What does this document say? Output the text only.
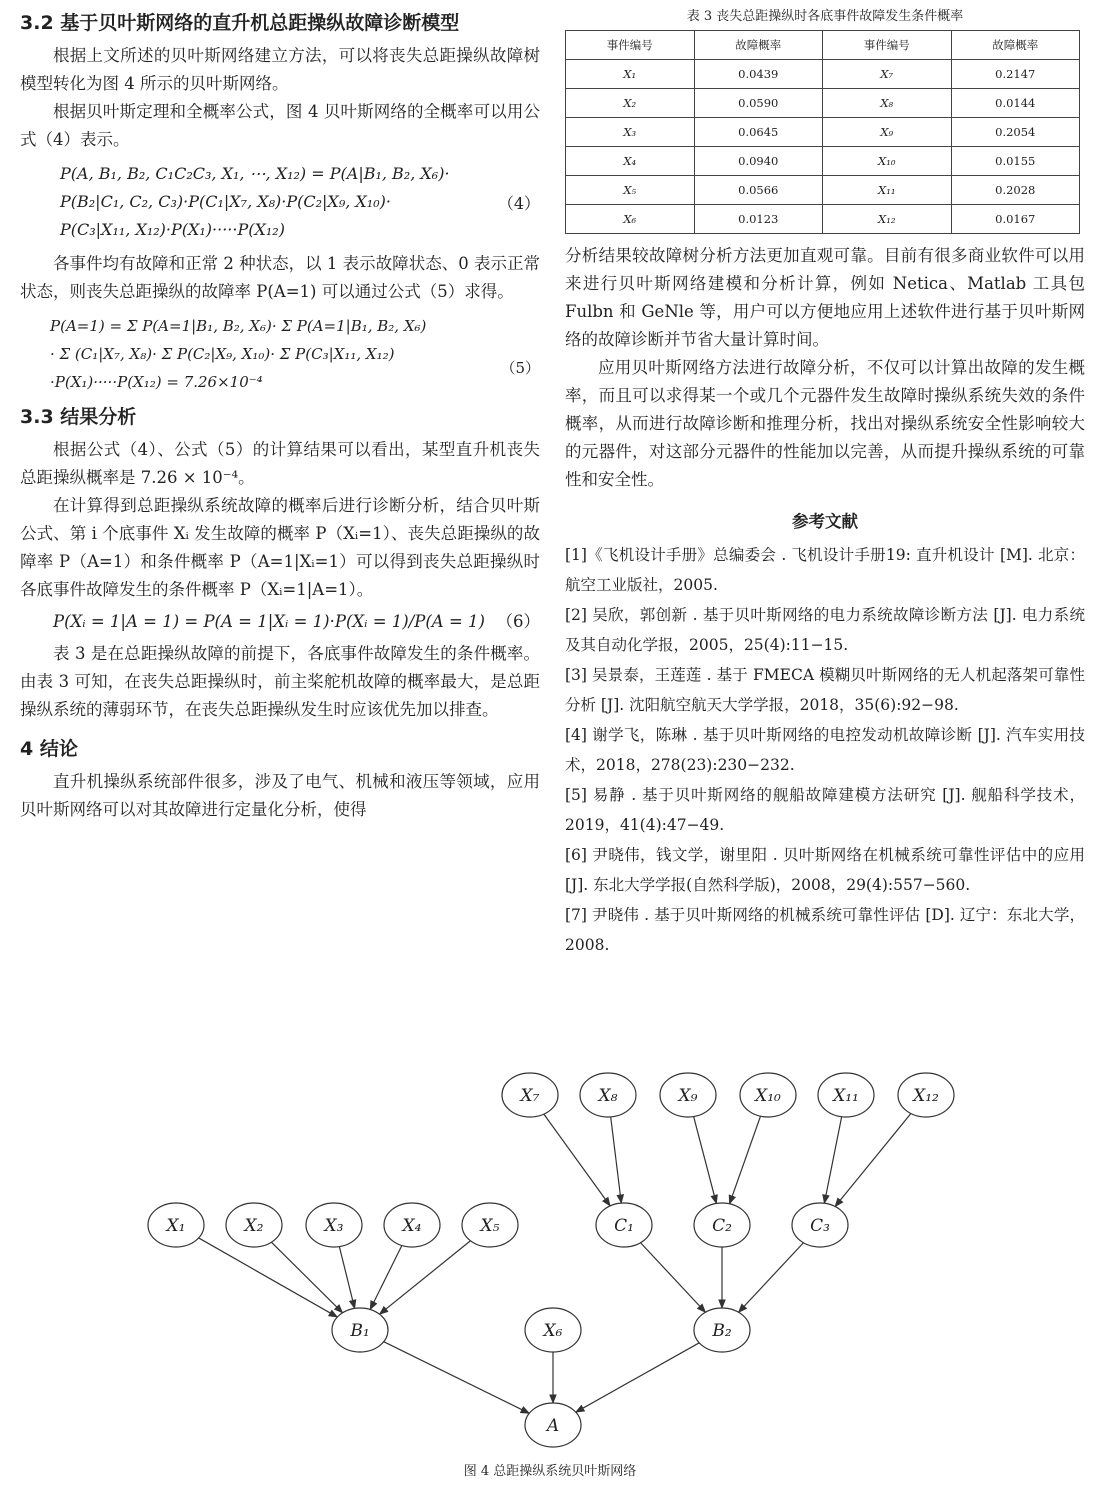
3.2 基于贝叶斯网络的直升机总距操纵故障诊断模型

根据上文所述的贝叶斯网络建立方法，可以将丧失总距操纵故障树模型转化为图 4 所示的贝叶斯网络。

根据贝叶斯定理和全概率公式，图 4 贝叶斯网络的全概率可以用公式（4）表示。

P(A, B₁, B₂, C₁C₂C₃, X₁, ⋯, X₁₂) = P(A|B₁, B₂, X₆)·
P(B₂|C₁, C₂, C₃)·P(C₁|X₇, X₈)·P(C₂|X₉, X₁₀)·
P(C₃|X₁₁, X₁₂)·P(X₁)·····P(X₁₂)
（4）

各事件均有故障和正常 2 种状态，以 1 表示故障状态、0 表示正常状态，则丧失总距操纵的故障率 P(A=1) 可以通过公式（5）求得。

P(A=1) = Σ P(A=1|B₁, B₂, X₆)· Σ P(A=1|B₁, B₂, X₆)
· Σ (C₁|X₇, X₈)· Σ P(C₂|X₉, X₁₀)· Σ P(C₃|X₁₁, X₁₂)
·P(X₁)·····P(X₁₂) = 7.26×10⁻⁴
（5）
3.3 结果分析

根据公式（4）、公式（5）的计算结果可以看出，某型直升机丧失总距操纵概率是 7.26 × 10⁻⁴。

在计算得到总距操纵系统故障的概率后进行诊断分析，结合贝叶斯公式、第 i 个底事件 Xᵢ 发生故障的概率 P（Xᵢ=1）、丧失总距操纵的故障率 P（A=1）和条件概率 P（A=1|Xᵢ=1）可以得到丧失总距操纵时各底事件故障发生的条件概率 P（Xᵢ=1|A=1）。

P(Xᵢ = 1|A = 1) = P(A = 1|Xᵢ = 1)·P(Xᵢ = 1)/P(A = 1) （6）

表 3 是在总距操纵故障的前提下，各底事件故障发生的条件概率。由表 3 可知，在丧失总距操纵时，前主桨舵机故障的概率最大，是总距操纵系统的薄弱环节，在丧失总距操纵发生时应该优先加以排查。

4 结论

直升机操纵系统部件很多，涉及了电气、机械和液压等领域，应用贝叶斯网络可以对其故障进行定量化分析，使得

表 3 丧失总距操纵时各底事件故障发生条件概率
事件编号	故障概率	事件编号	故障概率
X₁	0.0439	X₇	0.2147
X₂	0.0590	X₈	0.0144
X₃	0.0645	X₉	0.2054
X₄	0.0940	X₁₀	0.0155
X₅	0.0566	X₁₁	0.2028
X₆	0.0123	X₁₂	0.0167

分析结果较故障树分析方法更加直观可靠。目前有很多商业软件可以用来进行贝叶斯网络建模和分析计算，例如 Netica、Matlab 工具包 Fulbn 和 GeNle 等，用户可以方便地应用上述软件进行基于贝叶斯网络的故障诊断并节省大量计算时间。

应用贝叶斯网络方法进行故障分析，不仅可以计算出故障的发生概率，而且可以求得某一个或几个元器件发生故障时操纵系统失效的条件概率，从而进行故障诊断和推理分析，找出对操纵系统安全性影响较大的元器件，对这部分元器件的性能加以完善，从而提升操纵系统的可靠性和安全性。

参考文献
[1]《飞机设计手册》总编委会 . 飞机设计手册19: 直升机设计 [M]. 北京：航空工业版社，2005.
[2] 吴欣，郭创新 . 基于贝叶斯网络的电力系统故障诊断方法 [J]. 电力系统及其自动化学报，2005，25(4):11−15.
[3] 吴景泰，王莲莲 . 基于 FMECA 模糊贝叶斯网络的无人机起落架可靠性分析 [J]. 沈阳航空航天大学学报，2018，35(6):92−98.
[4] 谢学飞，陈琳 . 基于贝叶斯网络的电控发动机故障诊断 [J]. 汽车实用技术，2018，278(23):230−232.
[5] 易静 . 基于贝叶斯网络的舰船故障建模方法研究 [J]. 舰船科学技术，2019，41(4):47−49.
[6] 尹晓伟，钱文学，谢里阳 . 贝叶斯网络在机械系统可靠性评估中的应用 [J]. 东北大学学报(自然科学版)，2008，29(4):557−560.
[7] 尹晓伟 . 基于贝叶斯网络的机械系统可靠性评估 [D]. 辽宁：东北大学，2008.
X₇	X₈	X₉	X₁₀	X₁₁	X₁₂
X₁	X₂	X₃	X₄	X₅	C₁	C₂	C₃
B₁	X₆	B₂
A
图 4 总距操纵系统贝叶斯网络
